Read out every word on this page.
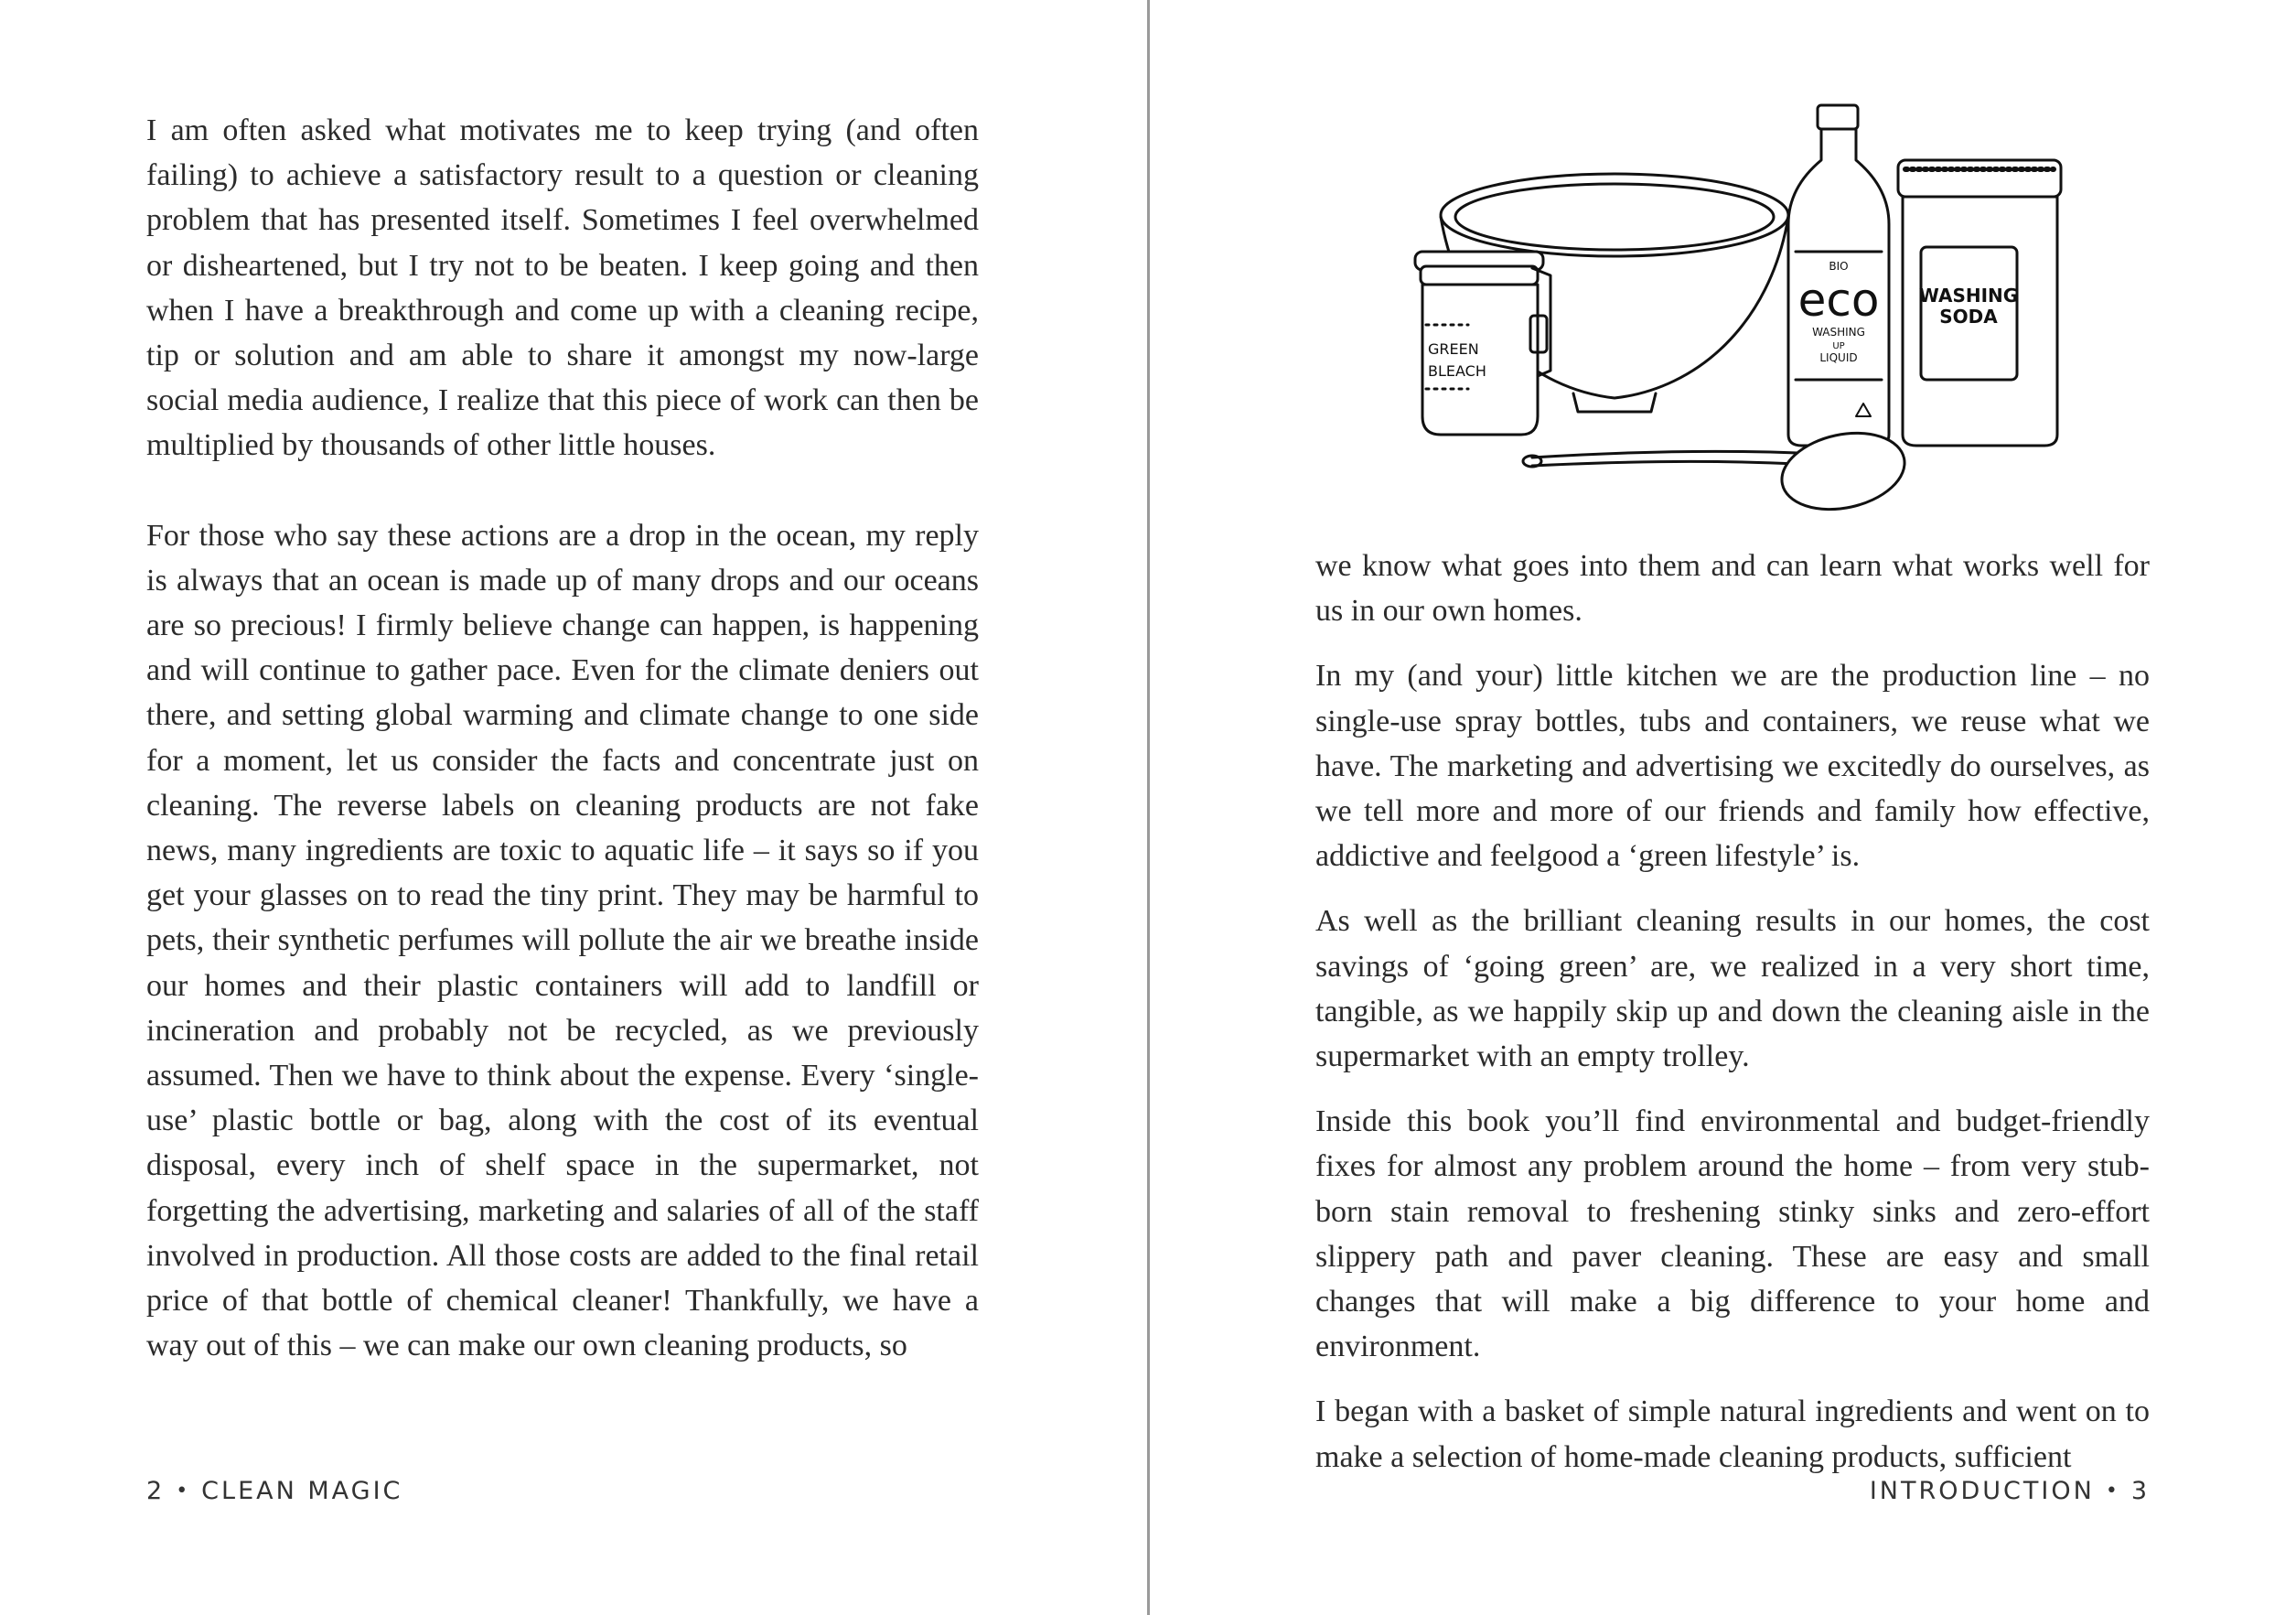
I am often asked what motivates me to keep trying (and often failing) to achieve a satisfactory result to a question or cleaning problem that has presented itself. Sometimes I feel overwhelmed or disheartened, but I try not to be beaten. I keep going and then when I have a breakthrough and come up with a cleaning recipe, tip or solution and am able to share it amongst my now-large social media audience, I realize that this piece of work can then be multiplied by thousands of other little houses.

For those who say these actions are a drop in the ocean, my reply is always that an ocean is made up of many drops and our oceans are so precious! I firmly believe change can happen, is happening and will continue to gather pace. Even for the climate deniers out there, and setting global warming and climate change to one side for a moment, let us consider the facts and concentrate just on cleaning. The reverse labels on cleaning products are not fake news, many ingredients are toxic to aquatic life – it says so if you get your glasses on to read the tiny print. They may be harmful to pets, their synthetic perfumes will pollute the air we breathe inside our homes and their plastic containers will add to landfill or incineration and probably not be recycled, as we previously assumed. Then we have to think about the expense. Every ‘single-use’ plastic bottle or bag, along with the cost of its eventual disposal, every inch of shelf space in the supermarket, not forgetting the advertising, marketing and salaries of all of the staff involved in production. All those costs are added to the final retail price of that bottle of chemical cleaner! Thankfully, we have a way out of this – we can make our own cleaning products, so

2 • CLEAN MAGIC
GREEN
BLEACH
WASHING
SODA
BIO
eco
WASHING
UP
LIQUID

we know what goes into them and can learn what works well for us in our own homes.

In my (and your) little kitchen we are the production line – no single-use spray bottles, tubs and containers, we reuse what we have. The marketing and advertising we excitedly do ourselves, as we tell more and more of our friends and family how effective, addictive and feelgood a ‘green lifestyle’ is.

As well as the brilliant cleaning results in our homes, the cost savings of ‘going green’ are, we realized in a very short time, tangible, as we happily skip up and down the cleaning aisle in the supermarket with an empty trolley.

Inside this book you’ll find environmental and budget-friendly fixes for almost any problem around the home – from very stubborn stain removal to freshening stinky sinks and zero-effort slippery path and paver cleaning. These are easy and small changes that will make a big difference to your home and environment.

I began with a basket of simple natural ingredients and went on to make a selection of home-made cleaning products, sufficient

INTRODUCTION • 3
